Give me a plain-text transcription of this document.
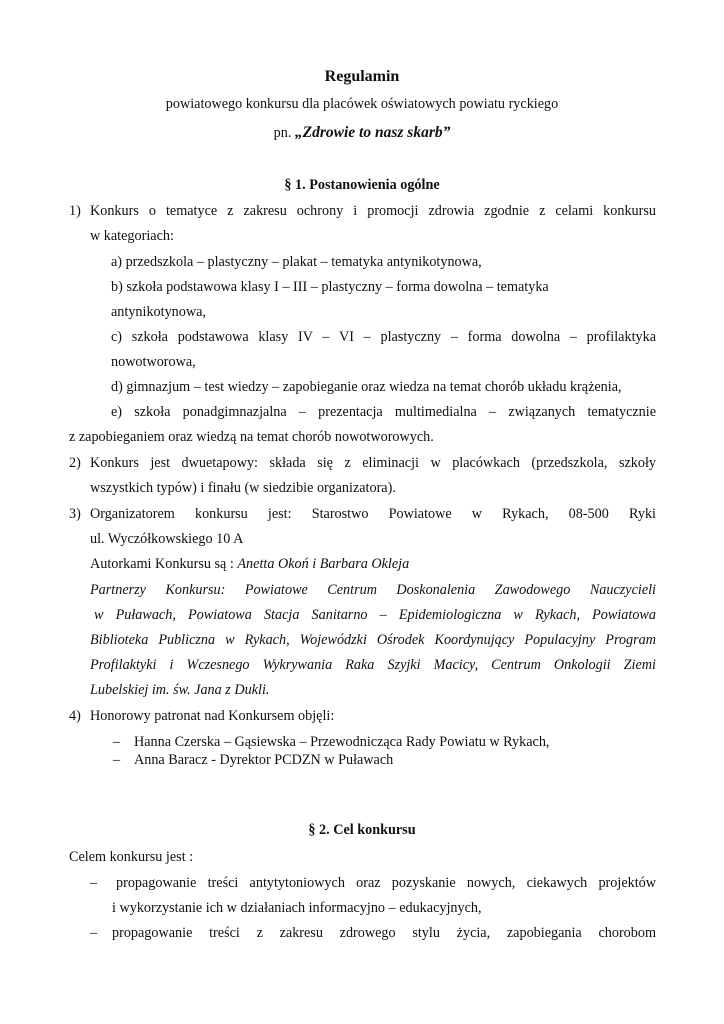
Regulamin
powiatowego konkursu dla placówek oświatowych powiatu ryckiego
pn. „Zdrowie to nasz skarb”
§ 1. Postanowienia ogólne
1) Konkurs o tematyce z zakresu ochrony i promocji zdrowia zgodnie z celami konkursu
w kategoriach:
a) przedszkola – plastyczny – plakat – tematyka antynikotynowa,
b) szkoła podstawowa klasy I – III – plastyczny – forma dowolna – tematyka
antynikotynowa,
c) szkoła podstawowa klasy IV – VI – plastyczny – forma dowolna – profilaktyka
nowotworowa,
d) gimnazjum – test wiedzy – zapobieganie oraz wiedza na temat chorób układu krążenia,
e) szkoła ponadgimnazjalna – prezentacja multimedialna – związanych tematycznie
z zapobieganiem oraz wiedzą na temat chorób nowotworowych.
2) Konkurs jest dwuetapowy: składa się z eliminacji w placówkach (przedszkola, szkoły
wszystkich typów) i finału (w siedzibie organizatora).
3) Organizatorem konkursu jest: Starostwo Powiatowe w Rykach, 08-500 Ryki
ul. Wyczółkowskiego 10 A
Autorkami Konkursu są : Anetta Okoń i Barbara Okleja
Partnerzy Konkursu: Powiatowe Centrum Doskonalenia Zawodowego Nauczycieli
w Puławach, Powiatowa Stacja Sanitarno – Epidemiologiczna w Rykach, Powiatowa
Biblioteka Publiczna w Rykach, Wojewódzki Ośrodek Koordynujący Populacyjny Program
Profilaktyki i Wczesnego Wykrywania Raka Szyjki Macicy, Centrum Onkologii Ziemi
Lubelskiej im. św. Jana z Dukli.
4) Honorowy patronat nad Konkursem objęli:
– Hanna Czerska – Gąsiewska – Przewodnicząca Rady Powiatu w Rykach,
– Anna Baracz - Dyrektor PCDZN w Puławach
§ 2. Cel konkursu
Celem konkursu jest :
– propagowanie treści antytytoniowych oraz pozyskanie nowych, ciekawych projektów
i wykorzystanie ich w działaniach informacyjno – edukacyjnych,
– propagowanie treści z zakresu zdrowego stylu życia, zapobiegania chorobom
